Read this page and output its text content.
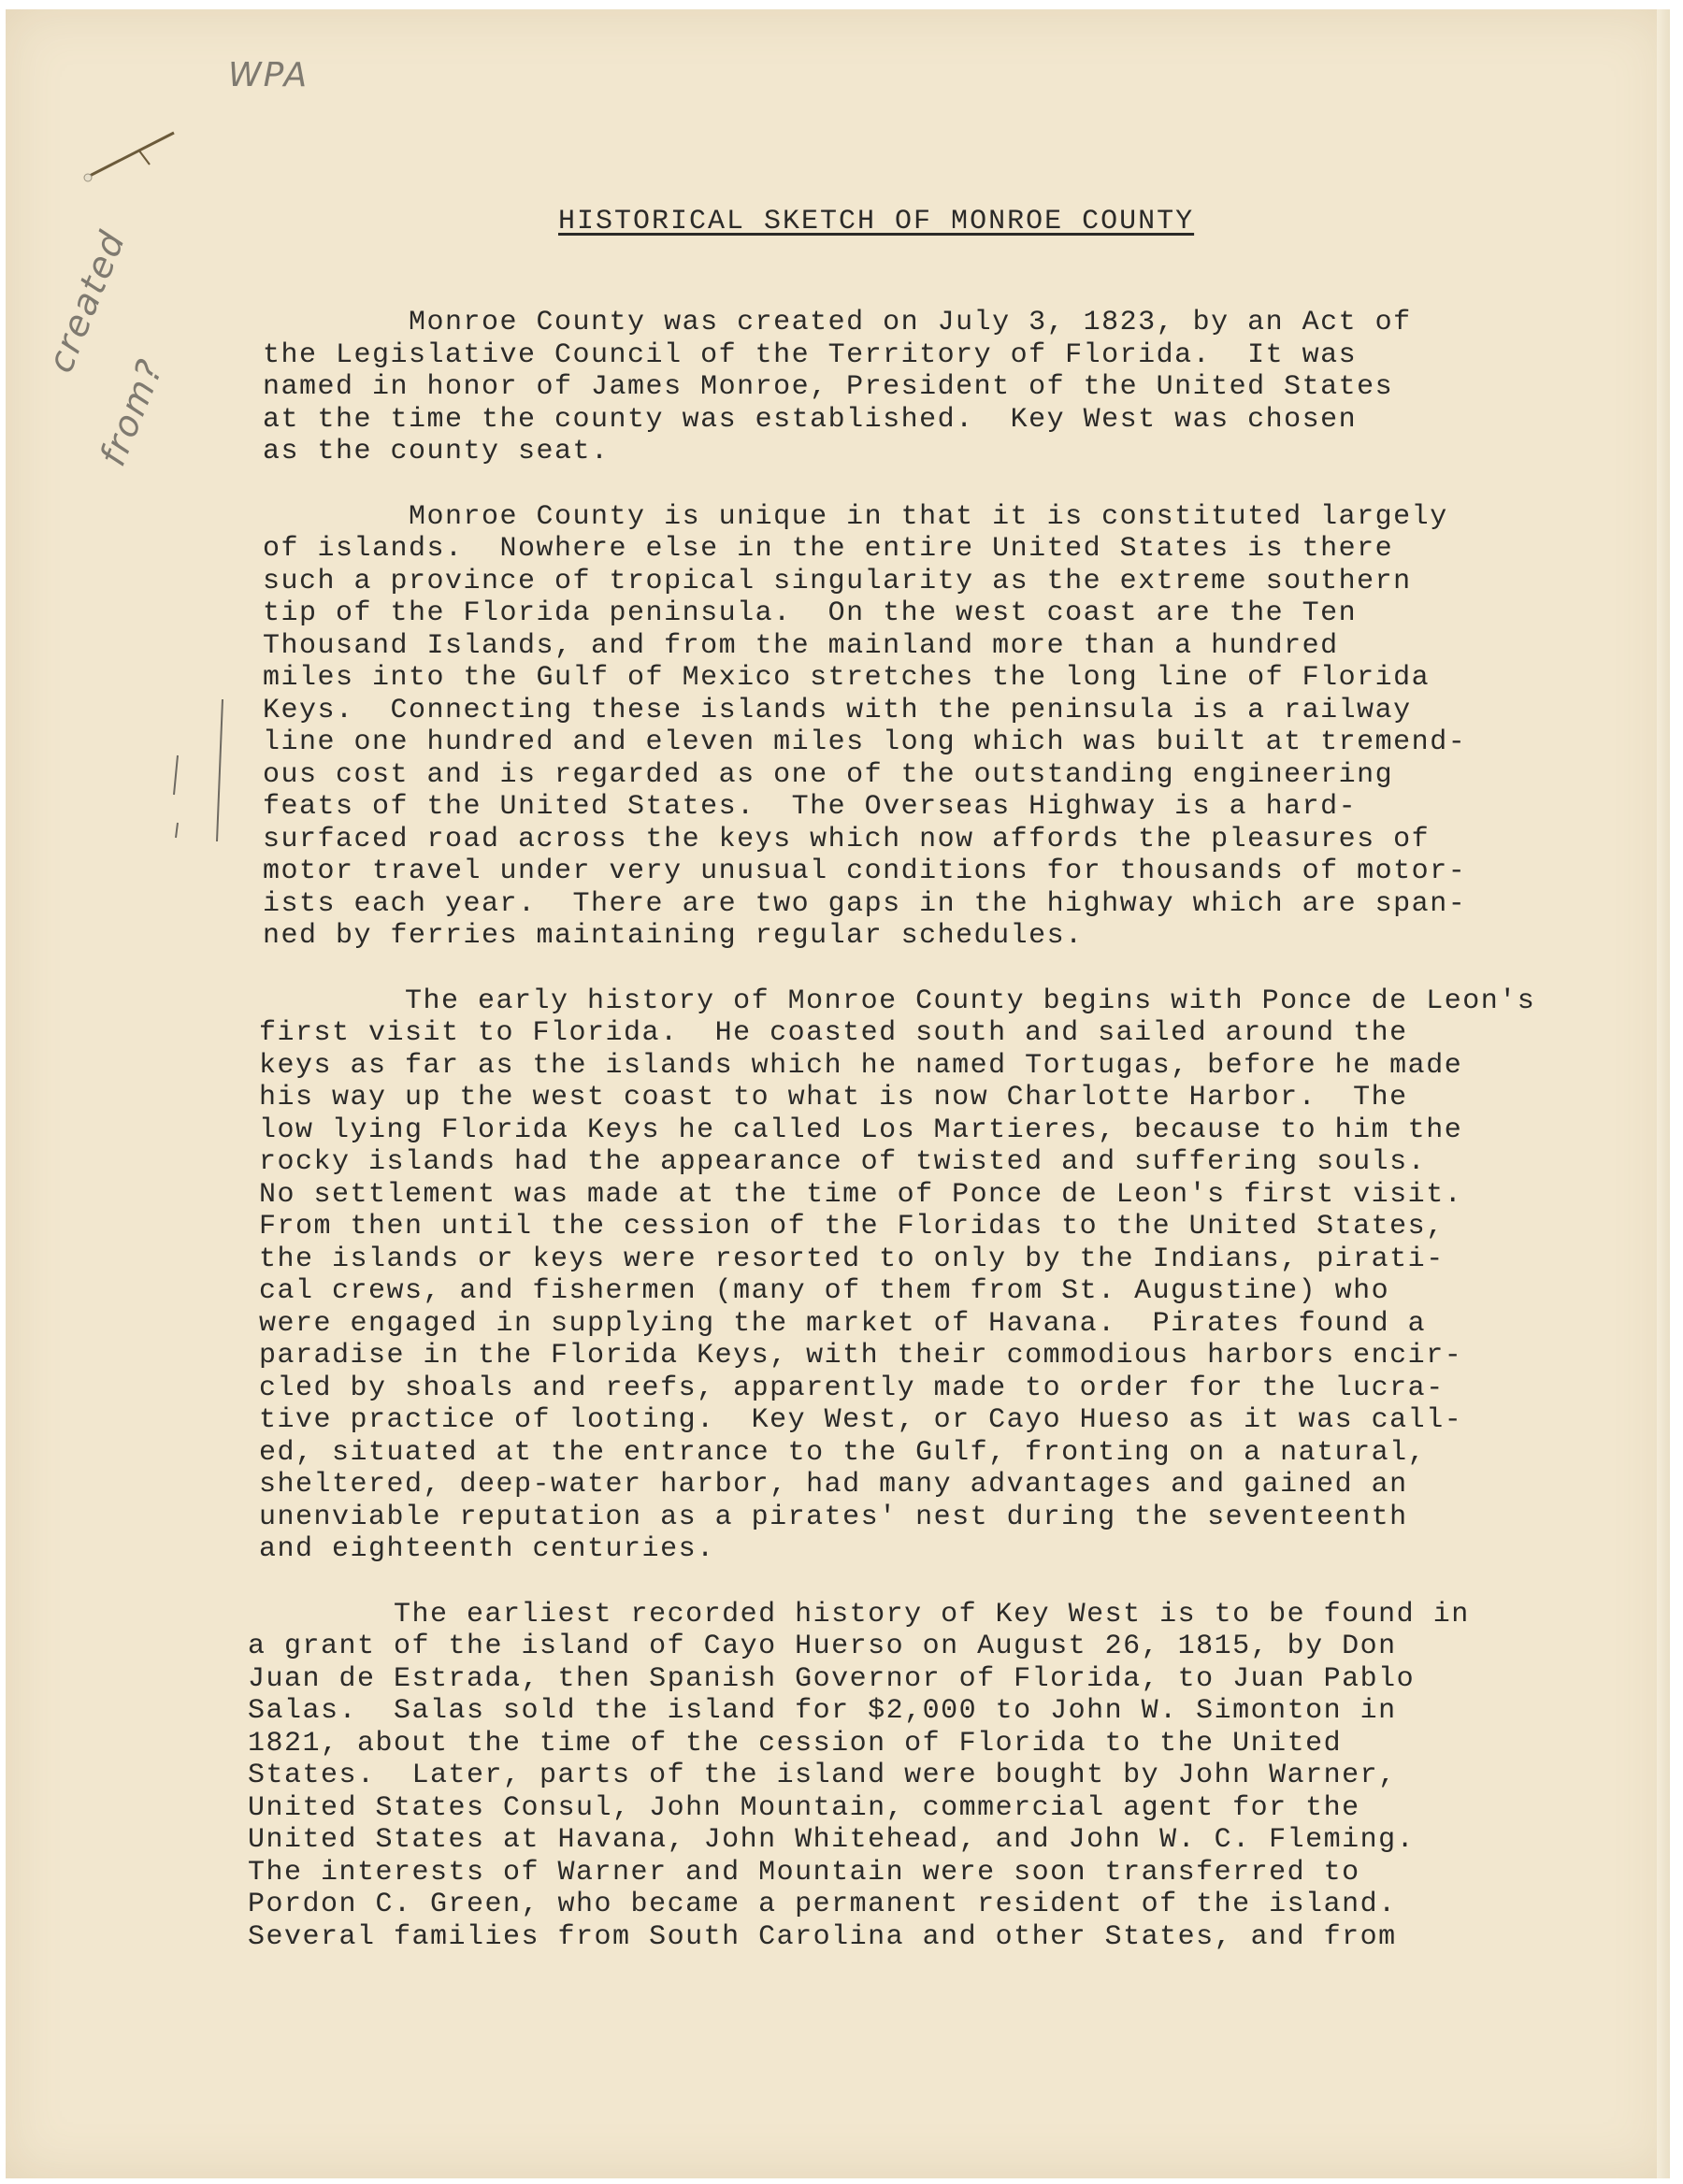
WPA
created
from?
HISTORICAL SKETCH OF MONROE COUNTY

Monroe County was created on July 3, 1823, by an Act of
the Legislative Council of the Territory of Florida.  It was
named in honor of James Monroe, President of the United States
at the time the county was established.  Key West was chosen
as the county seat.

Monroe County is unique in that it is constituted largely
of islands.  Nowhere else in the entire United States is there
such a province of tropical singularity as the extreme southern
tip of the Florida peninsula.  On the west coast are the Ten
Thousand Islands, and from the mainland more than a hundred
miles into the Gulf of Mexico stretches the long line of Florida
Keys.  Connecting these islands with the peninsula is a railway
line one hundred and eleven miles long which was built at tremend-
ous cost and is regarded as one of the outstanding engineering
feats of the United States.  The Overseas Highway is a hard-
surfaced road across the keys which now affords the pleasures of
motor travel under very unusual conditions for thousands of motor-
ists each year.  There are two gaps in the highway which are span-
ned by ferries maintaining regular schedules.

The early history of Monroe County begins with Ponce de Leon's
first visit to Florida.  He coasted south and sailed around the
keys as far as the islands which he named Tortugas, before he made
his way up the west coast to what is now Charlotte Harbor.  The
low lying Florida Keys he called Los Martieres, because to him the
rocky islands had the appearance of twisted and suffering souls.
No settlement was made at the time of Ponce de Leon's first visit.
From then until the cession of the Floridas to the United States,
the islands or keys were resorted to only by the Indians, pirati-
cal crews, and fishermen (many of them from St. Augustine) who
were engaged in supplying the market of Havana.  Pirates found a
paradise in the Florida Keys, with their commodious harbors encir-
cled by shoals and reefs, apparently made to order for the lucra-
tive practice of looting.  Key West, or Cayo Hueso as it was call-
ed, situated at the entrance to the Gulf, fronting on a natural,
sheltered, deep-water harbor, had many advantages and gained an
unenviable reputation as a pirates' nest during the seventeenth
and eighteenth centuries.

The earliest recorded history of Key West is to be found in
a grant of the island of Cayo Huerso on August 26, 1815, by Don
Juan de Estrada, then Spanish Governor of Florida, to Juan Pablo
Salas.  Salas sold the island for $2,000 to John W. Simonton in
1821, about the time of the cession of Florida to the United
States.  Later, parts of the island were bought by John Warner,
United States Consul, John Mountain, commercial agent for the
United States at Havana, John Whitehead, and John W. C. Fleming.
The interests of Warner and Mountain were soon transferred to
Pordon C. Green, who became a permanent resident of the island.
Several families from South Carolina and other States, and from
